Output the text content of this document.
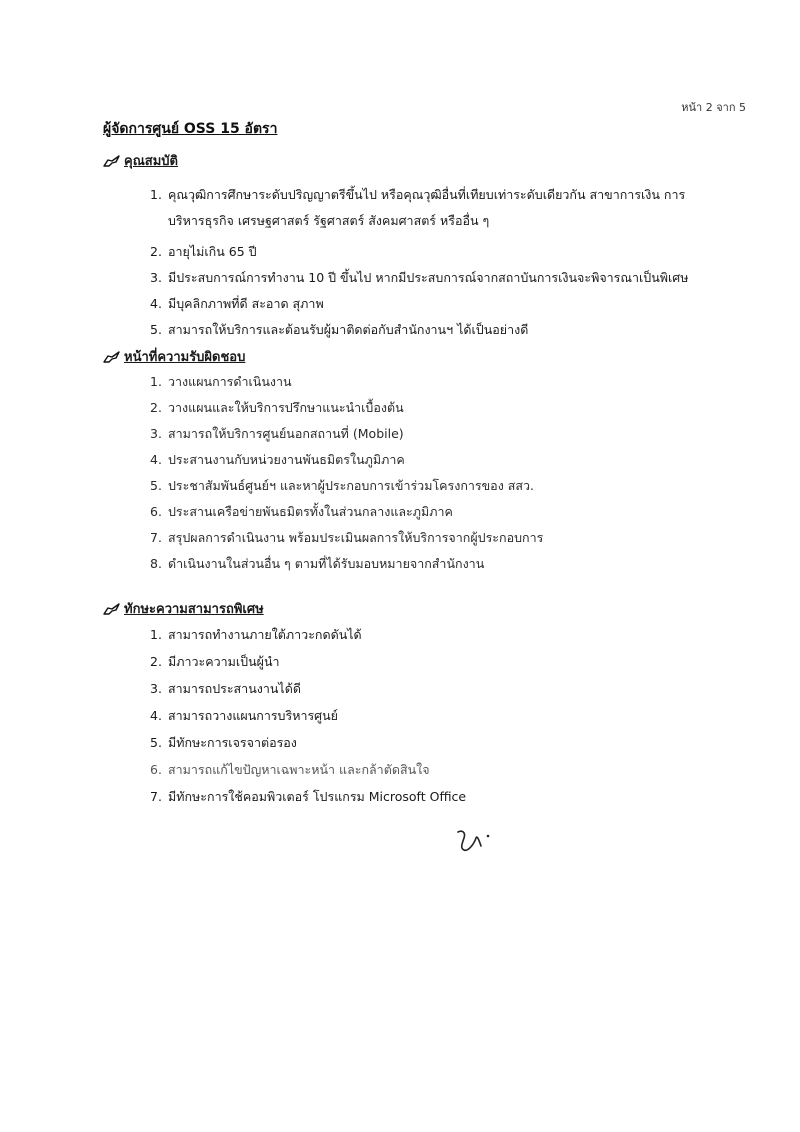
หน้า 2 จาก 5
ผู้จัดการศูนย์ OSS 15 อัตรา
คุณสมบัติ
1. คุณวุฒิการศึกษาระดับปริญญาตรีขึ้นไป หรือคุณวุฒิอื่นที่เทียบเท่าระดับเดียวกัน สาขาการเงิน การบริหารธุรกิจ เศรษฐศาสตร์ รัฐศาสตร์ สังคมศาสตร์ หรืออื่น ๆ
2. อายุไม่เกิน 65 ปี
3. มีประสบการณ์การทำงาน 10 ปี ขึ้นไป หากมีประสบการณ์จากสถาบันการเงินจะพิจารณาเป็นพิเศษ
4. มีบุคลิกภาพที่ดี สะอาด สุภาพ
5. สามารถให้บริการและต้อนรับผู้มาติดต่อกับสำนักงานฯ ได้เป็นอย่างดี
หน้าที่ความรับผิดชอบ
1. วางแผนการดำเนินงาน
2. วางแผนและให้บริการปรึกษาแนะนำเบื้องต้น
3. สามารถให้บริการศูนย์นอกสถานที่ (Mobile)
4. ประสานงานกับหน่วยงานพันธมิตรในภูมิภาค
5. ประชาสัมพันธ์ศูนย์ฯ และหาผู้ประกอบการเข้าร่วมโครงการของ สสว.
6. ประสานเครือข่ายพันธมิตรทั้งในส่วนกลางและภูมิภาค
7. สรุปผลการดำเนินงาน พร้อมประเมินผลการให้บริการจากผู้ประกอบการ
8. ดำเนินงานในส่วนอื่น ๆ ตามที่ได้รับมอบหมายจากสำนักงาน
ทักษะความสามารถพิเศษ
1. สามารถทำงานภายใต้ภาวะกดดันได้
2. มีภาวะความเป็นผู้นำ
3. สามารถประสานงานได้ดี
4. สามารถวางแผนการบริหารศูนย์
5. มีทักษะการเจรจาต่อรอง
6. สามารถแก้ไขปัญหาเฉพาะหน้า และกล้าตัดสินใจ
7. มีทักษะการใช้คอมพิวเตอร์ โปรแกรม Microsoft Office
